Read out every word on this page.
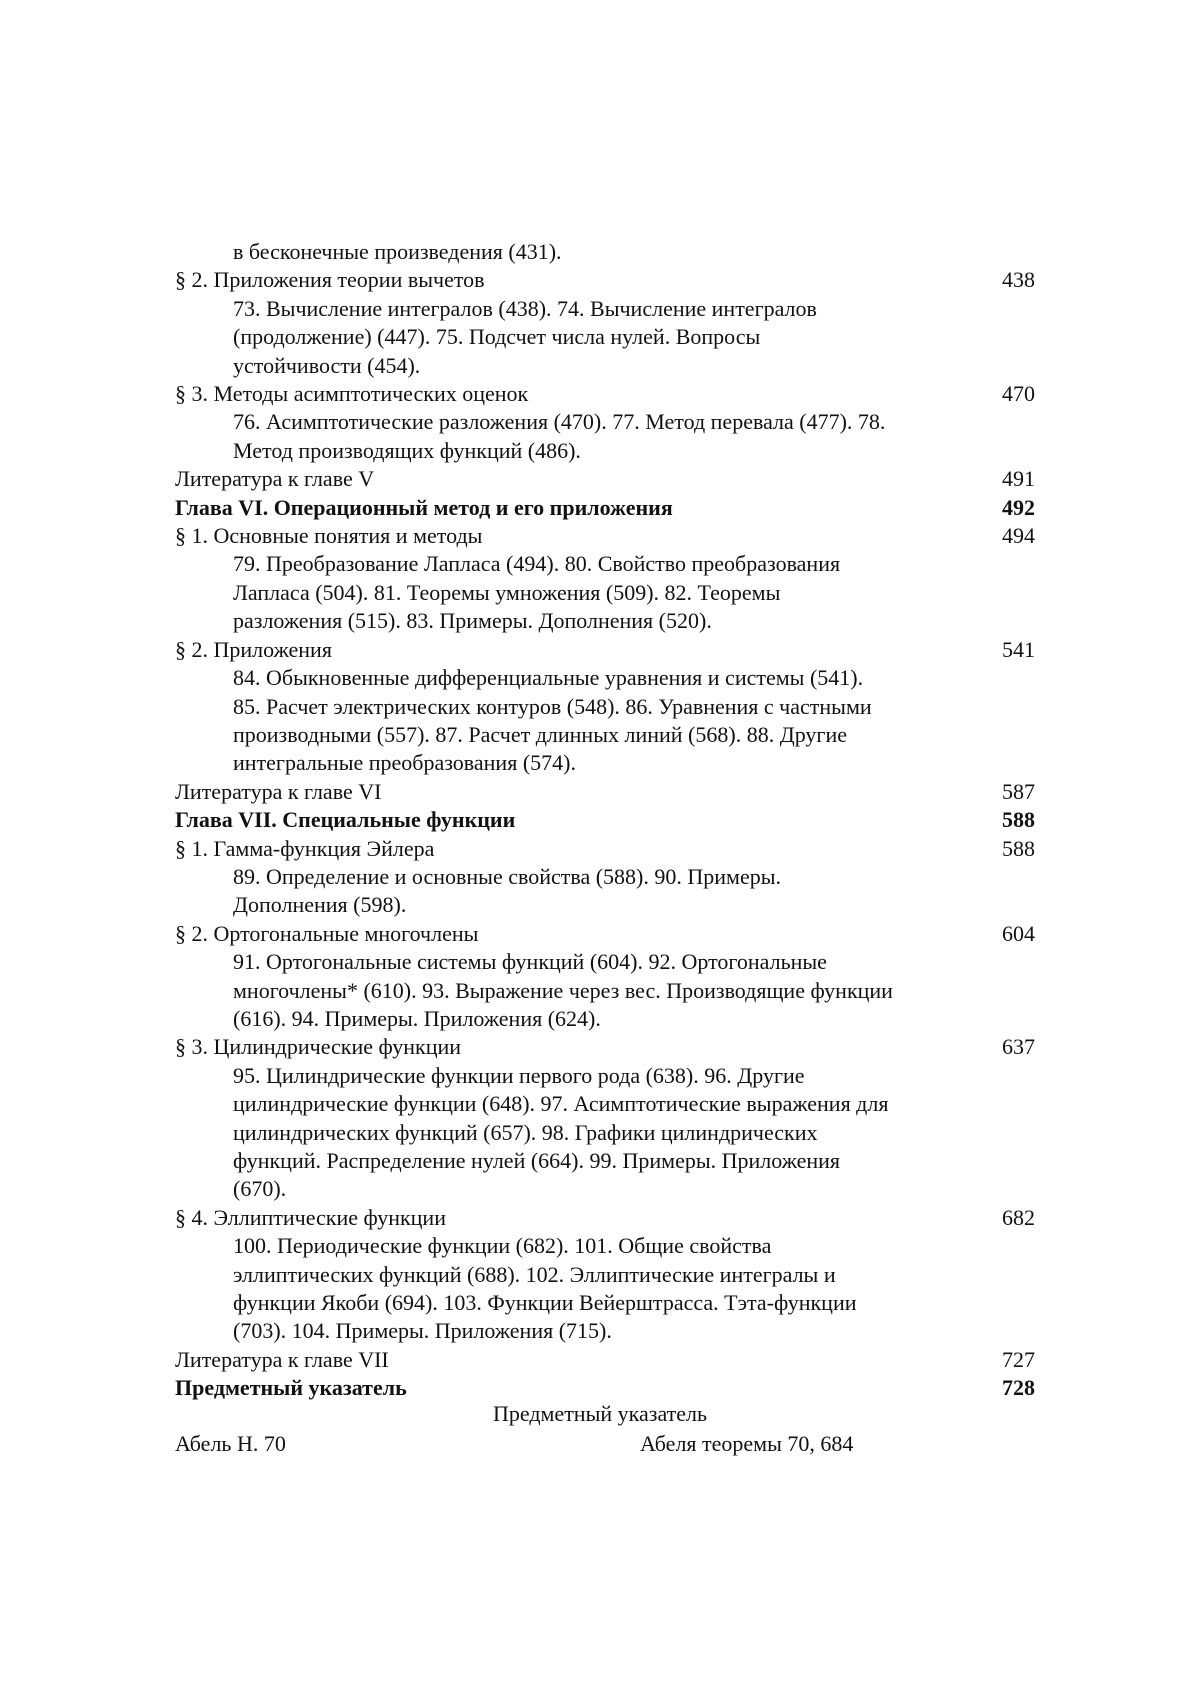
в бесконечные произведения (431).
§ 2. Приложения теории вычетов	438
73. Вычисление интегралов (438). 74. Вычисление интегралов (продолжение) (447). 75. Подсчет числа нулей. Вопросы устойчивости (454).
§ 3. Методы асимптотических оценок	470
76. Асимптотические разложения (470). 77. Метод перевала (477). 78. Метод производящих функций (486).
Литература к главе V	491
Глава VI. Операционный метод и его приложения	492
§ 1. Основные понятия и методы	494
79. Преобразование Лапласа (494). 80. Свойство преобразования Лапласа (504). 81. Теоремы умножения (509). 82. Теоремы разложения (515). 83. Примеры. Дополнения (520).
§ 2. Приложения	541
84. Обыкновенные дифференциальные уравнения и системы (541). 85. Расчет электрических контуров (548). 86. Уравнения с частными производными (557). 87. Расчет длинных линий (568). 88. Другие интегральные преобразования (574).
Литература к главе VI	587
Глава VII. Специальные функции	588
§ 1. Гамма-функция Эйлера	588
89. Определение и основные свойства (588). 90. Примеры. Дополнения (598).
§ 2. Ортогональные многочлены	604
91. Ортогональные системы функций (604). 92. Ортогональные многочлены* (610). 93. Выражение через вес. Производящие функции (616). 94. Примеры. Приложения (624).
§ 3. Цилиндрические функции	637
95. Цилиндрические функции первого рода (638). 96. Другие цилиндрические функции (648). 97. Асимптотические выражения для цилиндрических функций (657). 98. Графики цилиндрических функций. Распределение нулей (664). 99. Примеры. Приложения (670).
§ 4. Эллиптические функции	682
100. Периодические функции (682). 101. Общие свойства эллиптических функций (688). 102. Эллиптические интегралы и функции Якоби (694). 103. Функции Вейерштрасса. Тэта-функции (703). 104. Примеры. Приложения (715).
Литература к главе VII	727
Предметный указатель	728
Предметный указатель
Абель Н. 70	Абеля теоремы 70, 684
